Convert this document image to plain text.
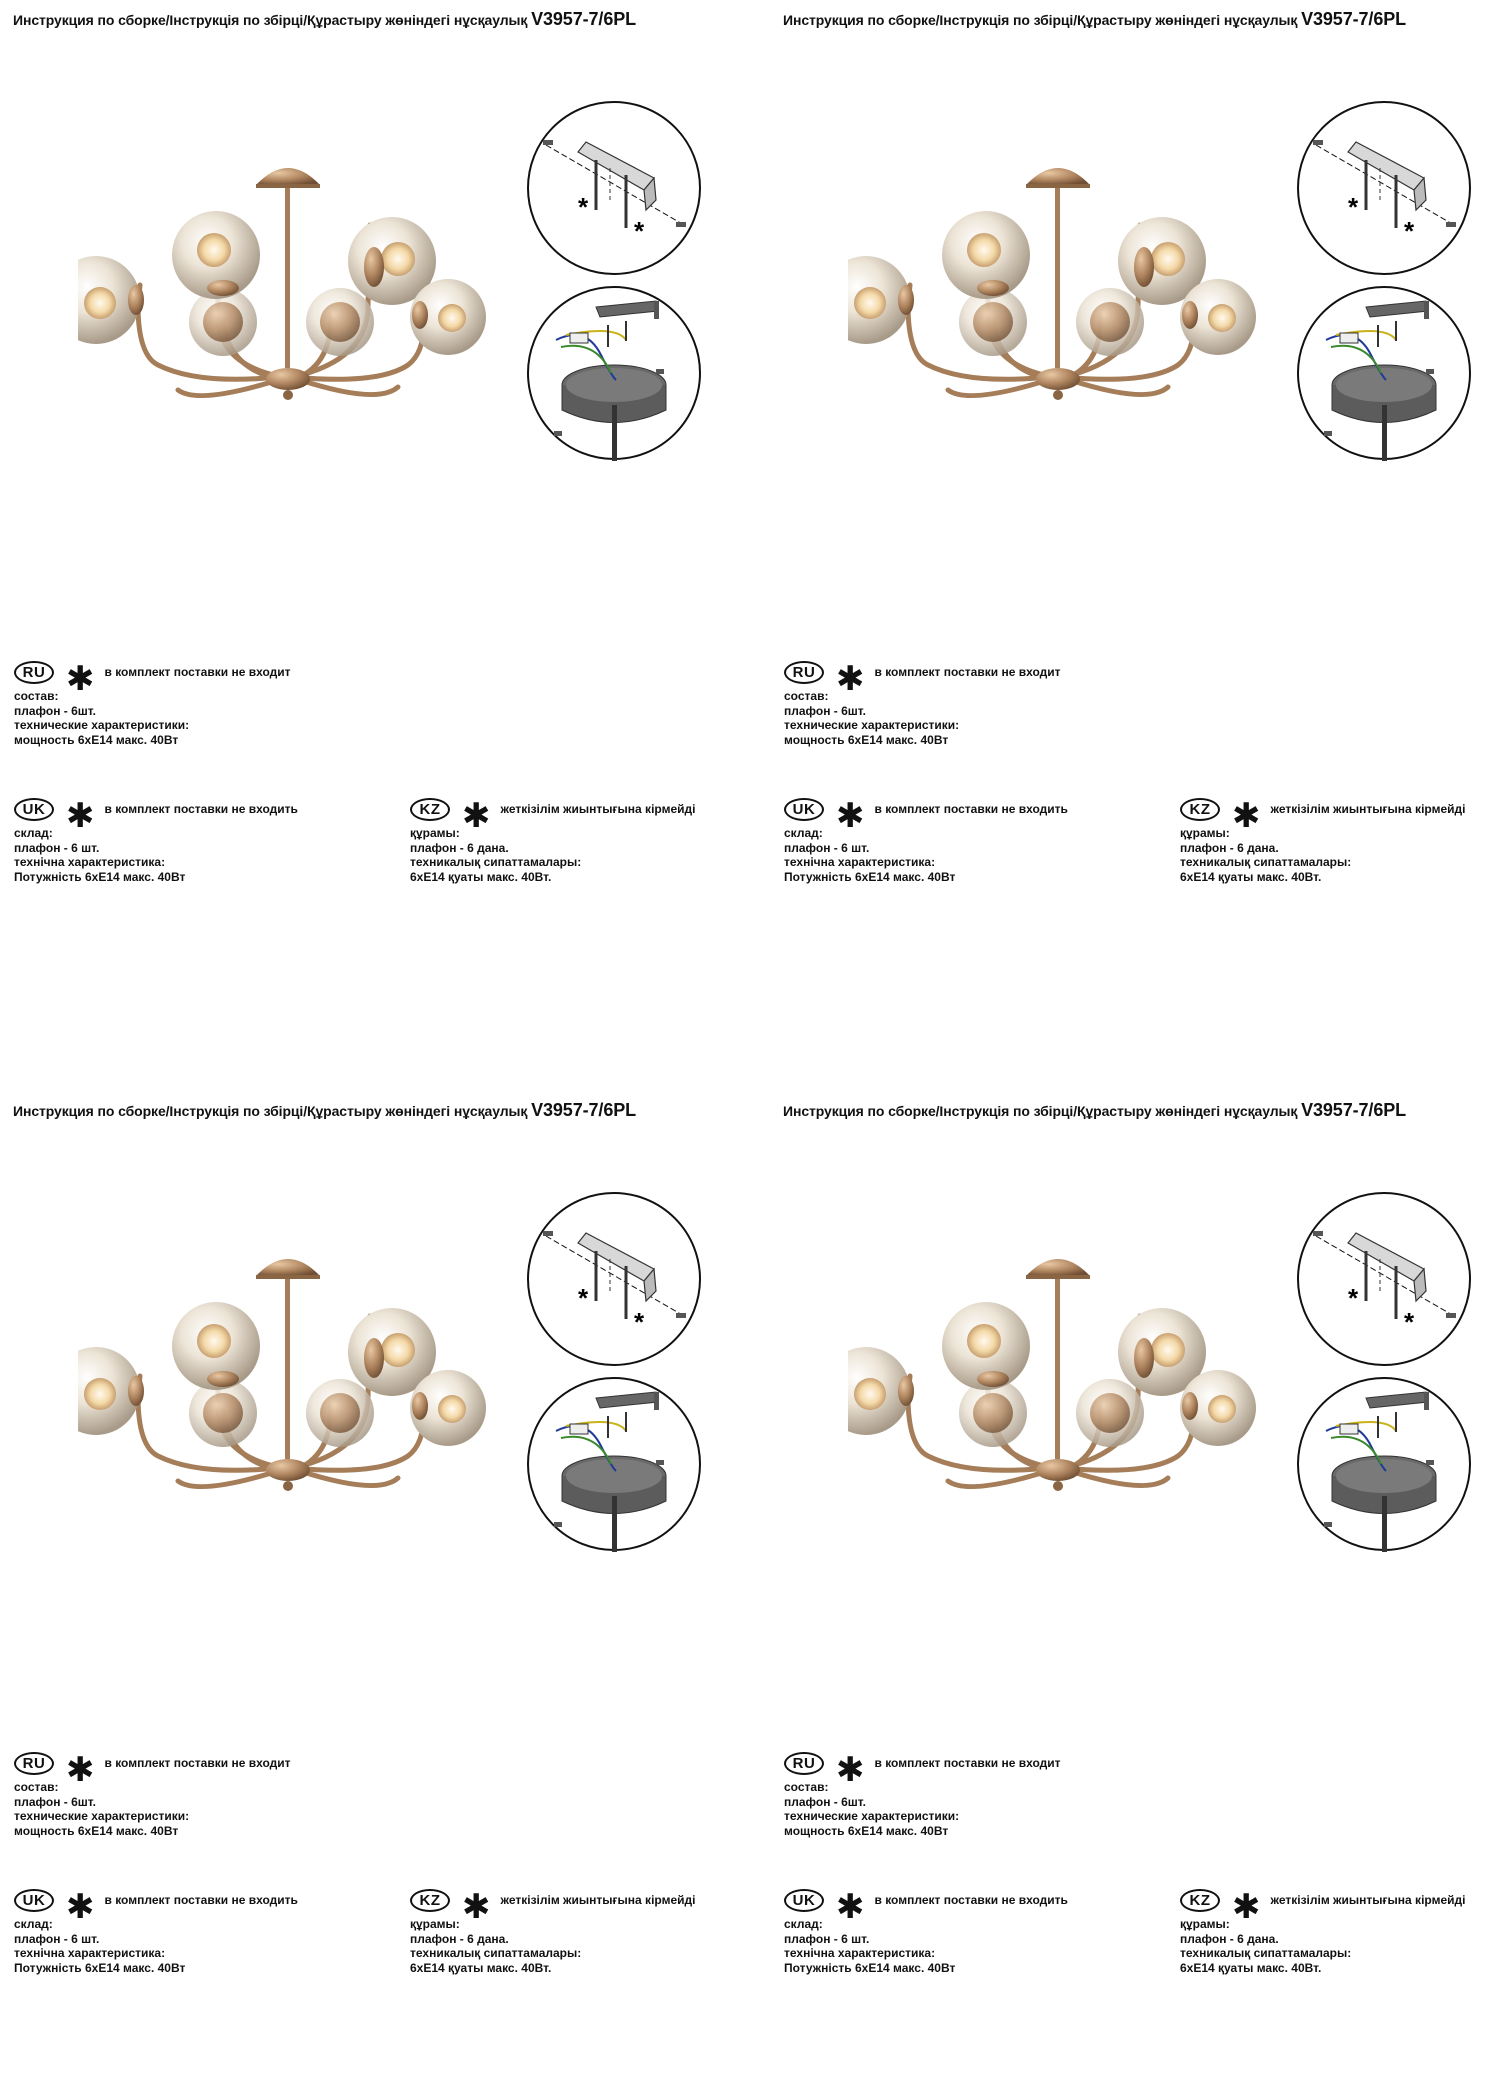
Инструкция по сборке/Інструкція по збірці/Құрастыру жөніндегі нұсқаулық V3957-7/6PL
*
*
RU ✱ в комплект поставки не входит
состав:
плафон - 6шт.
технические характеристики:
мощность 6хЕ14 макс. 40Вт
UK ✱ в комплект поставки не входить
склад:
плафон - 6 шт.
технічна характеристика:
Потужність 6хЕ14 макс. 40Вт
KZ ✱ жеткізілім жиынтығына кірмейді
құрамы:
плафон - 6 дана.
техникалық сипаттамалары:
6хЕ14 қуаты макс. 40Вт.
Инструкция по сборке/Інструкція по збірці/Құрастыру жөніндегі нұсқаулық V3957-7/6PL
*
*
RU ✱ в комплект поставки не входит
состав:
плафон - 6шт.
технические характеристики:
мощность 6хЕ14 макс. 40Вт
UK ✱ в комплект поставки не входить
склад:
плафон - 6 шт.
технічна характеристика:
Потужність 6хЕ14 макс. 40Вт
KZ ✱ жеткізілім жиынтығына кірмейді
құрамы:
плафон - 6 дана.
техникалық сипаттамалары:
6хЕ14 қуаты макс. 40Вт.
Инструкция по сборке/Інструкція по збірці/Құрастыру жөніндегі нұсқаулық V3957-7/6PL
*
*
RU ✱ в комплект поставки не входит
состав:
плафон - 6шт.
технические характеристики:
мощность 6хЕ14 макс. 40Вт
UK ✱ в комплект поставки не входить
склад:
плафон - 6 шт.
технічна характеристика:
Потужність 6хЕ14 макс. 40Вт
KZ ✱ жеткізілім жиынтығына кірмейді
құрамы:
плафон - 6 дана.
техникалық сипаттамалары:
6хЕ14 қуаты макс. 40Вт.
Инструкция по сборке/Інструкція по збірці/Құрастыру жөніндегі нұсқаулық V3957-7/6PL
*
*
RU ✱ в комплект поставки не входит
состав:
плафон - 6шт.
технические характеристики:
мощность 6хЕ14 макс. 40Вт
UK ✱ в комплект поставки не входить
склад:
плафон - 6 шт.
технічна характеристика:
Потужність 6хЕ14 макс. 40Вт
KZ ✱ жеткізілім жиынтығына кірмейді
құрамы:
плафон - 6 дана.
техникалық сипаттамалары:
6хЕ14 қуаты макс. 40Вт.
